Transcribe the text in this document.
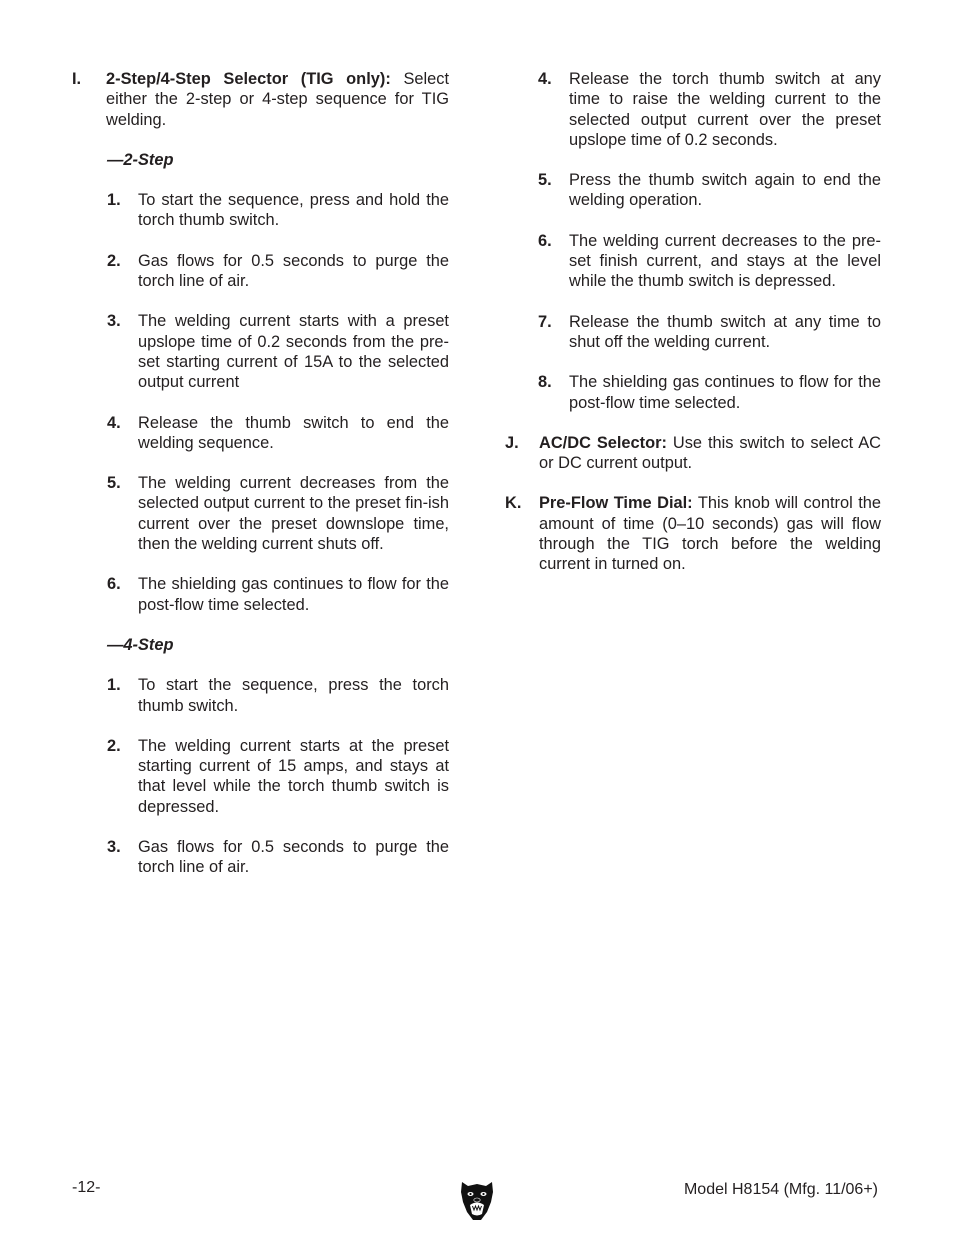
I. 2-Step/4-Step Selector (TIG only): Select either the 2-step or 4-step sequence for TIG welding.
—2-Step
1. To start the sequence, press and hold the torch thumb switch.
2. Gas flows for 0.5 seconds to purge the torch line of air.
3. The welding current starts with a preset upslope time of 0.2 seconds from the pre-set starting current of 15A to the selected output current
4. Release the thumb switch to end the welding sequence.
5. The welding current decreases from the selected output current to the preset fin-ish current over the preset downslope time, then the welding current shuts off.
6. The shielding gas continues to flow for the post-flow time selected.
—4-Step
1. To start the sequence, press the torch thumb switch.
2. The welding current starts at the preset starting current of 15 amps, and stays at that level while the torch thumb switch is depressed.
3. Gas flows for 0.5 seconds to purge the torch line of air.
4. Release the torch thumb switch at any time to raise the welding current to the selected output current over the preset upslope time of 0.2 seconds.
5. Press the thumb switch again to end the welding operation.
6. The welding current decreases to the pre-set finish current, and stays at the level while the thumb switch is depressed.
7. Release the thumb switch at any time to shut off the welding current.
8. The shielding gas continues to flow for the post-flow time selected.
J. AC/DC Selector: Use this switch to select AC or DC current output.
K. Pre-Flow Time Dial: This knob will control the amount of time (0–10 seconds) gas will flow through the TIG torch before the welding current in turned on.
-12-	Model H8154 (Mfg. 11/06+)
